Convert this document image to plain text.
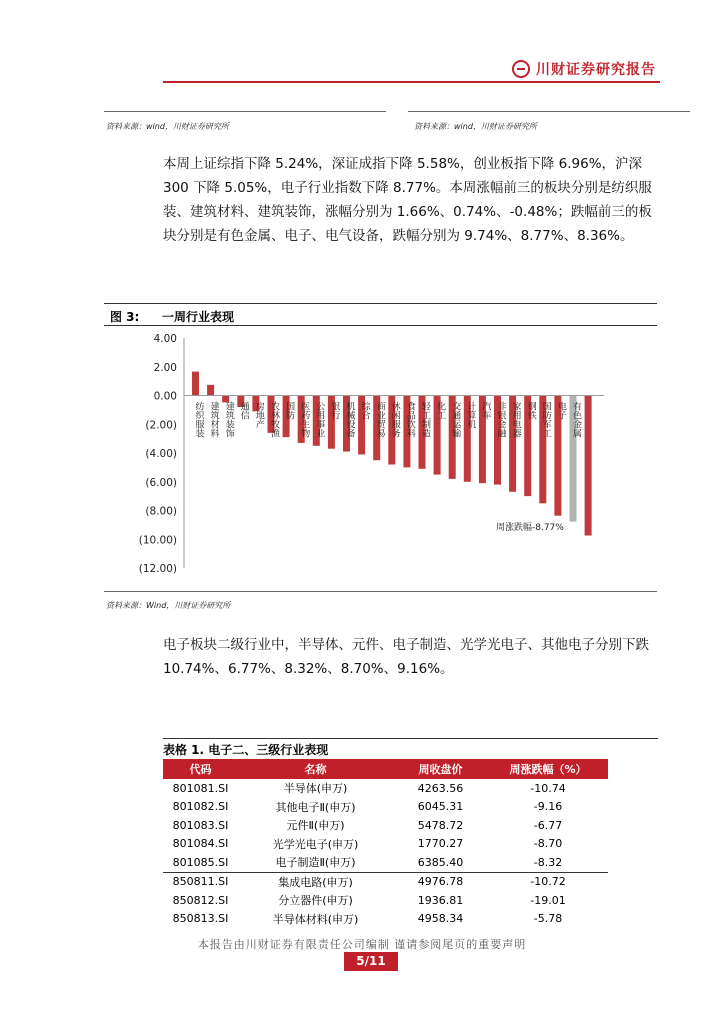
川财证券研究报告
资料来源：wind，川财证券研究所	资料来源：wind，川财证券研究所
本周上证综指下降 5.24%，深证成指下降 5.58%，创业板指下降 6.96%，沪深 300 下降 5.05%，电子行业指数下降 8.77%。本周涨幅前三的板块分别是纺织服装、建筑材料、建筑装饰，涨幅分别为 1.66%、0.74%、-0.48%；跌幅前三的板块分别是有色金属、电子、电气设备，跌幅分别为 9.74%、8.77%、8.36%。
图 3: 一周行业表现
4.00
2.00
0.00
(2.00)
(4.00)
(6.00)
(8.00)
(10.00)
(12.00)
纺织服装 建筑材料 建筑装饰 通信 房地产 农林牧渔 国防 医药生物 公用事业 银行 机械设备 综合 商业贸易 休闲服务 食品饮料 轻工制造 化工 交通运输 计算机 汽车 非银金融 家用电器 钢铁 国防军工 电子 有色金属
周涨跌幅-8.77%
资料来源：Wind，川财证券研究所
电子板块二级行业中，半导体、元件、电子制造、光学光电子、其他电子分别下跌 10.74%、6.77%、8.32%、8.70%、9.16%。
表格 1. 电子二、三级行业表现
代码	名称	周收盘价	周涨跌幅（%）
801081.SI	半导体(申万)	4263.56	-10.74
801082.SI	其他电子Ⅱ(申万)	6045.31	-9.16
801083.SI	元件Ⅱ(申万)	5478.72	-6.77
801084.SI	光学光电子(申万)	1770.27	-8.70
801085.SI	电子制造Ⅱ(申万)	6385.40	-8.32
850811.SI	集成电路(申万)	4976.78	-10.72
850812.SI	分立器件(申万)	1936.81	-19.01
850813.SI	半导体材料(申万)	4958.34	-5.78
本报告由川财证券有限责任公司编制 谨请参阅尾页的重要声明
5/11
